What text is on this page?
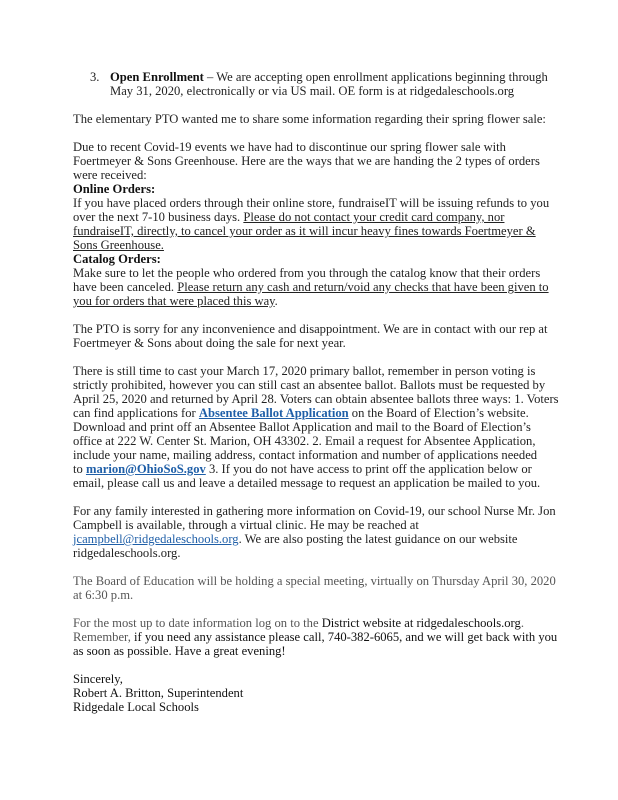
3. Open Enrollment – We are accepting open enrollment applications beginning through
May 31, 2020, electronically or via US mail. OE form is at ridgedaleschools.org
The elementary PTO wanted me to share some information regarding their spring flower sale:
Due to recent Covid-19 events we have had to discontinue our spring flower sale with
Foertmeyer & Sons Greenhouse. Here are the ways that we are handing the 2 types of orders
were received:
Online Orders:
If you have placed orders through their online store, fundraiseIT will be issuing refunds to you
over the next 7-10 business days. Please do not contact your credit card company, nor
fundraiseIT, directly, to cancel your order as it will incur heavy fines towards Foertmeyer &
Sons Greenhouse.
Catalog Orders:
Make sure to let the people who ordered from you through the catalog know that their orders
have been canceled. Please return any cash and return/void any checks that have been given to
you for orders that were placed this way.
The PTO is sorry for any inconvenience and disappointment. We are in contact with our rep at
Foertmeyer & Sons about doing the sale for next year.
There is still time to cast your March 17, 2020 primary ballot, remember in person voting is
strictly prohibited, however you can still cast an absentee ballot. Ballots must be requested by
April 25, 2020 and returned by April 28. Voters can obtain absentee ballots three ways: 1. Voters
can find applications for Absentee Ballot Application on the Board of Election’s website.
Download and print off an Absentee Ballot Application and mail to the Board of Election’s
office at 222 W. Center St. Marion, OH 43302. 2. Email a request for Absentee Application,
include your name, mailing address, contact information and number of applications needed
to marion@OhioSoS.gov 3. If you do not have access to print off the application below or
email, please call us and leave a detailed message to request an application be mailed to you.
For any family interested in gathering more information on Covid-19, our school Nurse Mr. Jon
Campbell is available, through a virtual clinic. He may be reached at
jcampbell@ridgedaleschools.org. We are also posting the latest guidance on our website
ridgedaleschools.org.
The Board of Education will be holding a special meeting, virtually on Thursday April 30, 2020
at 6:30 p.m.
For the most up to date information log on to the District website at ridgedaleschools.org.
Remember, if you need any assistance please call, 740-382-6065, and we will get back with you
as soon as possible. Have a great evening!
Sincerely,
Robert A. Britton, Superintendent
Ridgedale Local Schools
